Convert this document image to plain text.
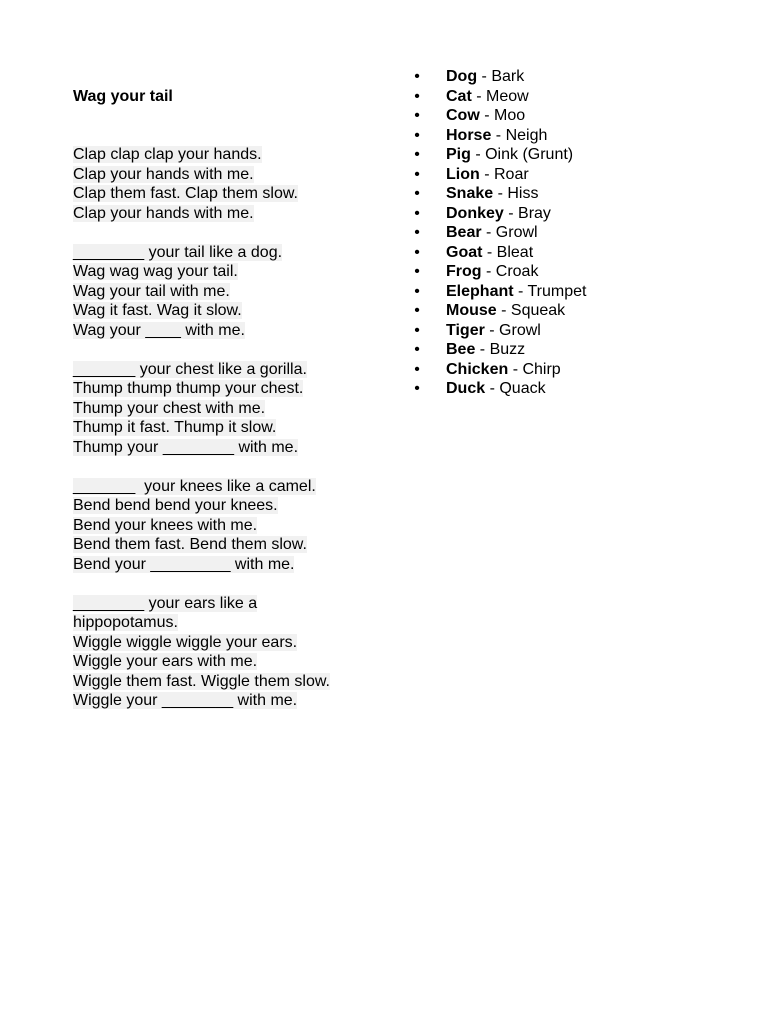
Wag your tail
Clap clap clap your hands.
Clap your hands with me.
Clap them fast. Clap them slow.
Clap your hands with me.
________ your tail like a dog.
Wag wag wag your tail.
Wag your tail with me.
Wag it fast. Wag it slow.
Wag your ____ with me.
_______ your chest like a gorilla.
Thump thump thump your chest.
Thump your chest with me.
Thump it fast. Thump it slow.
Thump your ________ with me.
_______  your knees like a camel.
Bend bend bend your knees.
Bend your knees with me.
Bend them fast. Bend them slow.
Bend your _________ with me.
________ your ears like a
hippopotamus.
Wiggle wiggle wiggle your ears.
Wiggle your ears with me.
Wiggle them fast. Wiggle them slow.
Wiggle your ________ with me.
• Dog - Bark
• Cat - Meow
• Cow - Moo
• Horse - Neigh
• Pig - Oink (Grunt)
• Lion - Roar
• Snake - Hiss
• Donkey - Bray
• Bear - Growl
• Goat - Bleat
• Frog - Croak
• Elephant - Trumpet
• Mouse - Squeak
• Tiger - Growl
• Bee - Buzz
• Chicken - Chirp
• Duck - Quack
